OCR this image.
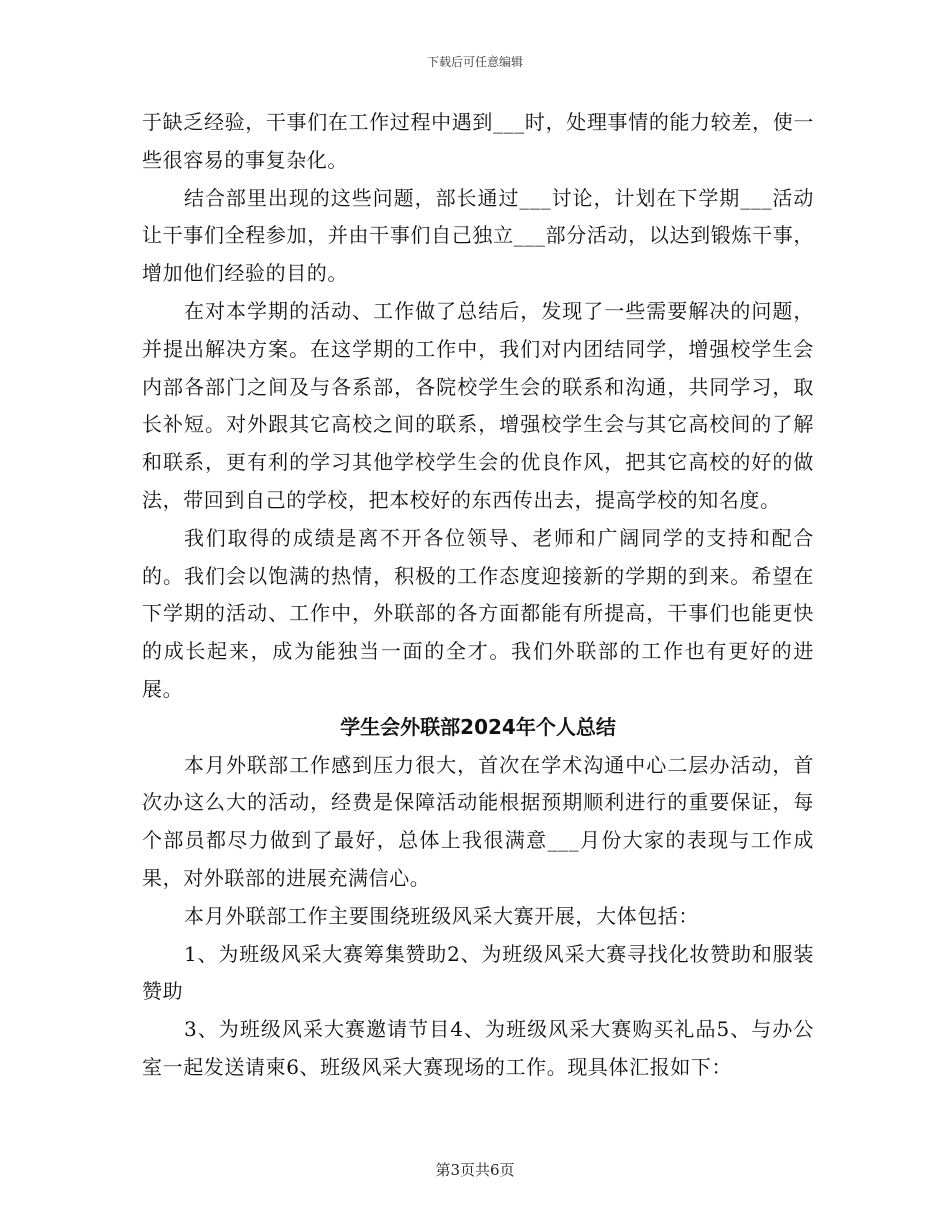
下载后可任意编辑

于缺乏经验，干事们在工作过程中遇到___时，处理事情的能力较差，使一些很容易的事复杂化。

结合部里出现的这些问题，部长通过___讨论，计划在下学期___活动让干事们全程参加，并由干事们自己独立___部分活动，以达到锻炼干事，增加他们经验的目的。

在对本学期的活动、工作做了总结后，发现了一些需要解决的问题，并提出解决方案。在这学期的工作中，我们对内团结同学，增强校学生会内部各部门之间及与各系部，各院校学生会的联系和沟通，共同学习，取长补短。对外跟其它高校之间的联系，增强校学生会与其它高校间的了解和联系，更有利的学习其他学校学生会的优良作风，把其它高校的好的做法，带回到自己的学校，把本校好的东西传出去，提高学校的知名度。

我们取得的成绩是离不开各位领导、老师和广阔同学的支持和配合的。我们会以饱满的热情，积极的工作态度迎接新的学期的到来。希望在下学期的活动、工作中，外联部的各方面都能有所提高，干事们也能更快的成长起来，成为能独当一面的全才。我们外联部的工作也有更好的进展。

学生会外联部2024年个人总结

本月外联部工作感到压力很大，首次在学术沟通中心二层办活动，首次办这么大的活动，经费是保障活动能根据预期顺利进行的重要保证，每个部员都尽力做到了最好，总体上我很满意___月份大家的表现与工作成果，对外联部的进展充满信心。

本月外联部工作主要围绕班级风采大赛开展，大体包括：

1、为班级风采大赛筹集赞助2、为班级风采大赛寻找化妆赞助和服装赞助

3、为班级风采大赛邀请节目4、为班级风采大赛购买礼品5、与办公室一起发送请柬6、班级风采大赛现场的工作。现具体汇报如下：

第3页共6页
